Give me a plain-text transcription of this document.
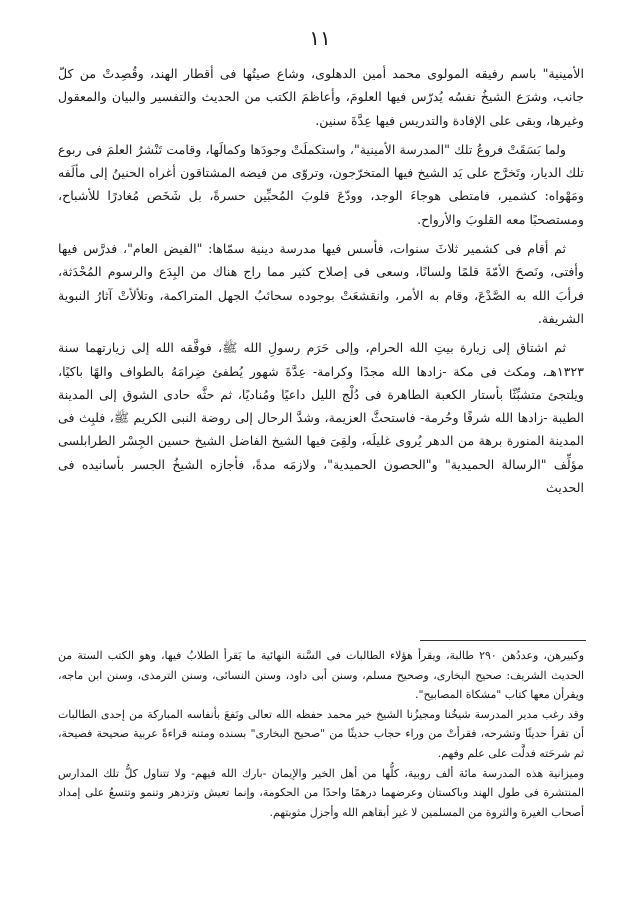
١١

الأمينية" باسم رفيقه المولوى محمد أمين الدهلوى، وشاع صيتُها فى أقطار الهند، وقُصِدتْ من كلّ جانب، وشرَع الشيخُ نفسُه يُدرّس فيها العلومَ، وأعاظمَ الكتب من الحديث والتفسير والبيان والمعقول وغيرها، وبقى على الإفادة والتدريس فيها عِدَّةَ سنين.

ولما بَسَقَتْ فروعُ تلك "المدرسة الأمينية"، واستكملَتْ وجودَها وكمالَها، وقامت تَنْشرُ العلمَ فى ربوع تلك الديار، وتَخرَّج على يَد الشيخ فيها المتخرّجون، وتروّى من فيضه المشتاقون أغراه الحنينُ إلى مألَفه ومَهْواه: كشمير، فامتطى هوجاءَ الوجد، وودّعَ قلوبَ المُحبِّين حسرةً، بل شَخَص مُغادرًا للأشباح، ومستصحبًا معه القلوبَ والأرواح.

ثم أقام فى كشمير ثلاثَ سنوات، فأسس فيها مدرسة دينية سمّاها: "الفيض العام"، فدرَّس فيها وأفتى، ونَصحَ الأمّةَ قلمًا ولسانًا، وسعى فى إصلاح كثير مما راج هناك من البِدَع والرسوم المُحْدَثة، فرأبَ الله به الصَّدْعَ، وقام به الأمر، وانقشعَتْ بوجوده سحائبُ الجهل المتراكمة، وتلألأتْ آثارُ النبوية الشريفة.

ثم اشتاق إلى زيارة بيتِ الله الحرام، وإلى حَرَم رسولِ الله ﷺ، فوفَّقه الله إلى زيارتهما سنة ١٣٢٣هـ، ومكث فى مكة -زادها الله مجدًا وكرامة- عِدَّةَ شهور يُطفئ ضِرامَهُ بالطواف والهًا باكيًا، ويلتجئ متشبِّثًا بأستار الكعبة الطاهرة فى دُلْج الليل داعيًا ومُناديًا، ثم حثَّه حادى الشوق إلى المدينة الطيبة -زادها الله شرفًا وحُرمة- فاستحثَّ العزيمة، وشدَّ الرحال إلى روضة النبى الكريم ﷺ، فلبِث فى المدينة المنورة برهة من الدهر يُروى غليلَه، ولقِىَ فيها الشيخ الفاضل الشيخ حسين الجِسْر الطرابلسى مؤلِّف "الرسالة الحميدية" و"الحصون الحميدية"، ولازمَه مدةً، فأجازه الشيخُ الجسر بأسانيده فى الحديث

وكبيرهن، وعددُهن ٢٩٠ طالبة، ويقرأ هؤلاء الطالبات فى السَّنة النهائية ما يَقرأ الطلابُ فيها، وهو الكتب الستة من الحديث الشريف: صحيح البخارى، وصحيح مسلم، وسنن أبى داود، وسنن النسائى، وسنن الترمذى، وسنن ابن ماجه، ويقرأن معها كتاب "مشكاة المصابيح".

وقد رغب مدير المدرسة شيخُنا ومجيزُنا الشيخ خير محمد حفظه الله تعالى ونَفعَ بأنفاسه المباركة من إحدى الطالبات أن تقرأ حديثًا وتشرحه، فقرأتْ من وراء حجاب حديثًا من "صحيح البخارى" بسنده ومتنه قراءةً عربية صحيحة فصيحة، ثم شرحَته فدلَّت على علم وفهم.

وميزانية هذه المدرسة مائة ألف روبية، كلُّها من أهل الخير والإيمان -بارك الله فيهم- ولا تتناول كلُّ تلك المدارس المنتشرة فى طول الهند وباكستان وعرضهما درهمًا واحدًا من الحكومة، وإنما تعيش وتزدهر وتنمو وتتسعُ على إمداد أصحاب الغيرة والثروة من المسلمين لا غير أبقاهم الله وأجزل مثوبتهم.
